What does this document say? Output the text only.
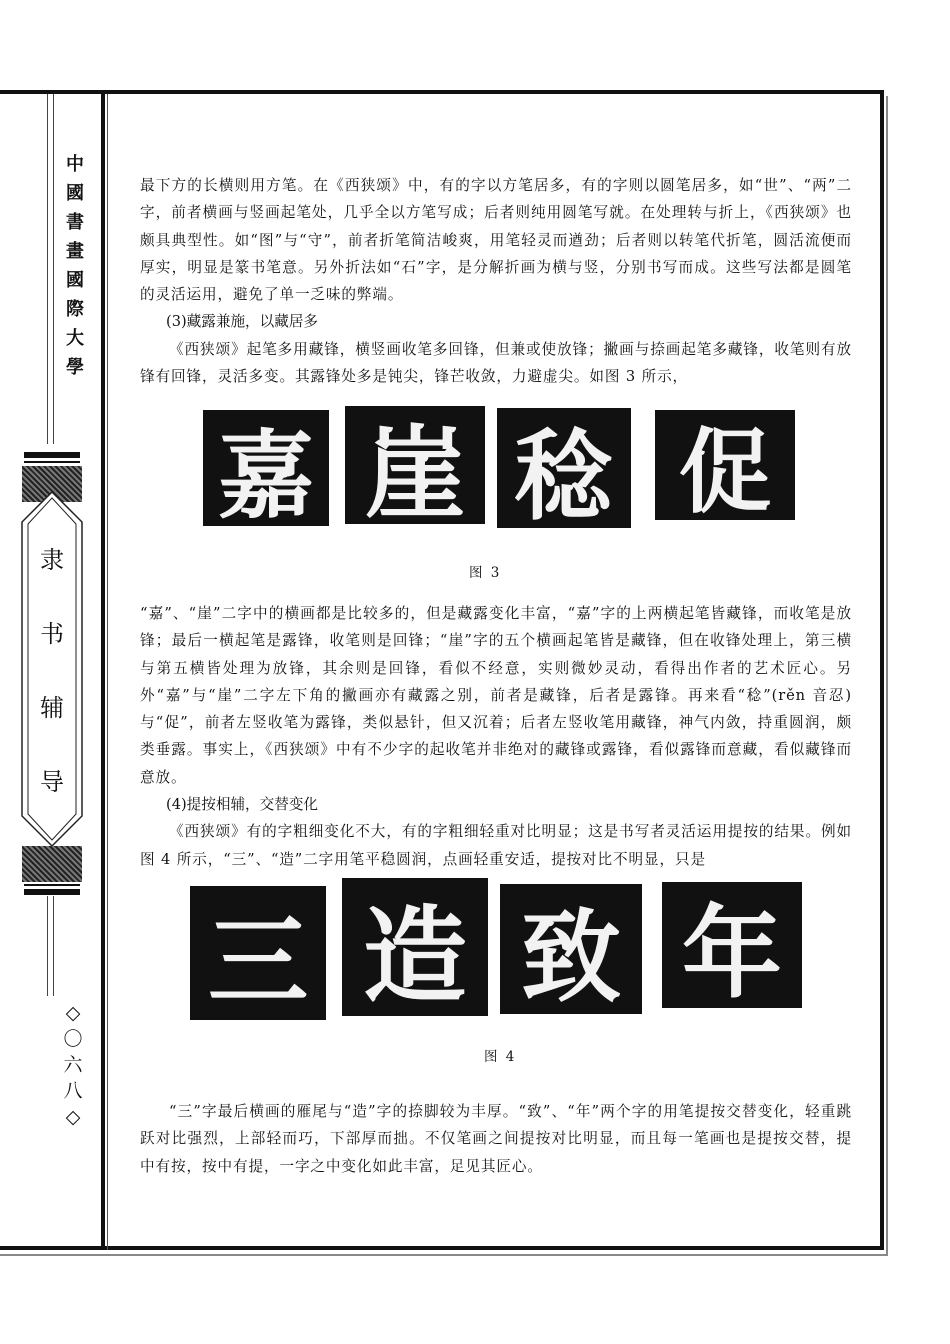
中
國
書
畫
國
際
大
學
隶
书
辅
导
◇
〇
六
八
◇

最下方的长横则用方笔。在《西狭颂》中，有的字以方笔居多，有的字则以圆笔居多，如“世”、“两”二字，前者横画与竖画起笔处，几乎全以方笔写成；后者则纯用圆笔写就。在处理转与折上，《西狭颂》也颇具典型性。如“图”与“守”，前者折笔简洁峻爽，用笔轻灵而遒劲；后者则以转笔代折笔，圆活流便而厚实，明显是篆书笔意。另外折法如“石”字，是分解折画为横与竖，分别书写而成。这些写法都是圆笔的灵活运用，避免了单一乏味的弊端。

(3)藏露兼施，以藏居多

《西狭颂》起笔多用藏锋，横竖画收笔多回锋，但兼或使放锋；撇画与捺画起笔多藏锋，收笔则有放锋有回锋，灵活多变。其露锋处多是钝尖，锋芒收敛，力避虚尖。如图 3 所示，

嘉 崖 稔 促
图 3

“嘉”、“崖”二字中的横画都是比较多的，但是藏露变化丰富，“嘉”字的上两横起笔皆藏锋，而收笔是放锋；最后一横起笔是露锋，收笔则是回锋；“崖”字的五个横画起笔皆是藏锋，但在收锋处理上，第三横与第五横皆处理为放锋，其余则是回锋，看似不经意，实则微妙灵动，看得出作者的艺术匠心。另外“嘉”与“崖”二字左下角的撇画亦有藏露之别，前者是藏锋，后者是露锋。再来看“稔”(rěn 音忍)与“促”，前者左竖收笔为露锋，类似悬针，但又沉着；后者左竖收笔用藏锋，神气内敛，持重圆润，颇类垂露。事实上，《西狭颂》中有不少字的起收笔并非绝对的藏锋或露锋，看似露锋而意藏，看似藏锋而意放。

(4)提按相辅，交替变化

《西狭颂》有的字粗细变化不大，有的字粗细轻重对比明显；这是书写者灵活运用提按的结果。例如图 4 所示，“三”、“造”二字用笔平稳圆润，点画轻重安适，提按对比不明显，只是

三 造 致 年
图 4

“三”字最后横画的雁尾与“造”字的捺脚较为丰厚。“致”、“年”两个字的用笔提按交替变化，轻重跳跃对比强烈，上部轻而巧，下部厚而拙。不仅笔画之间提按对比明显，而且每一笔画也是提按交替，提中有按，按中有提，一字之中变化如此丰富，足见其匠心。
